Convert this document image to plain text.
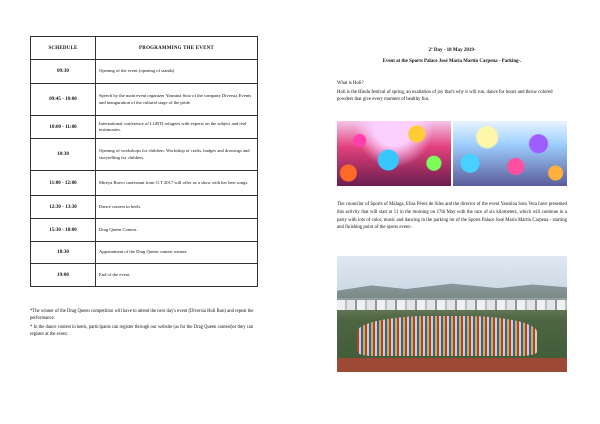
SCHEDULE	PROGRAMMING THE EVENT
09:30	Opening of the event (opening of stands)
09:45 - 10:00	Speech by the main event organizer Yasmina Soto of the company Diversia Events and inauguration of the cultural stage of the pride.
10:00 - 11:00	International conference of LGBTI refugees with experts on the subject and real testimonies.
10:30	Opening of workshops for children: Workshop of crafts, badges and drawings and storytelling for children.
11:00 - 12:00	Mireya Bravo contestant from O.T 2017 will offer us a show with her best songs.
12:30 - 13:30	Dance contest in heels.
15:30 - 18:00	Drag Queen Contest.
18:30	Appointment of the Drag Queen contest winner.
19:00	End of the event.

*The winner of the Drag Queen competition will have to attend the next day's event (Diversia Holi Run) and repeat the performance.

* In the dance contest in heels, participants can register through our website (as for the Drag Queen contest)or they can register at the event.

2º Day - 18 May 2019-
Event at the Sports Palace José María Martín Carpena - Parking-.
What is Holi?
Holi is the Hindu festival of spring, an exaltation of joy that's why it will run, dance for hours and throw colored powders that give every moment of healthy fun.
The councilor of Sports of Málaga, Elisa Pérez de Siles and the director of the event Yasmina Soto Vera have presented this activity that will start at 11 in the morning on 17th May with the race of six kilometers, which will continue in a party with lots of color, music and dancing in the parking lot of the Sports Palace José María Martín Carpena - starting and finishing point of the sports event-.
